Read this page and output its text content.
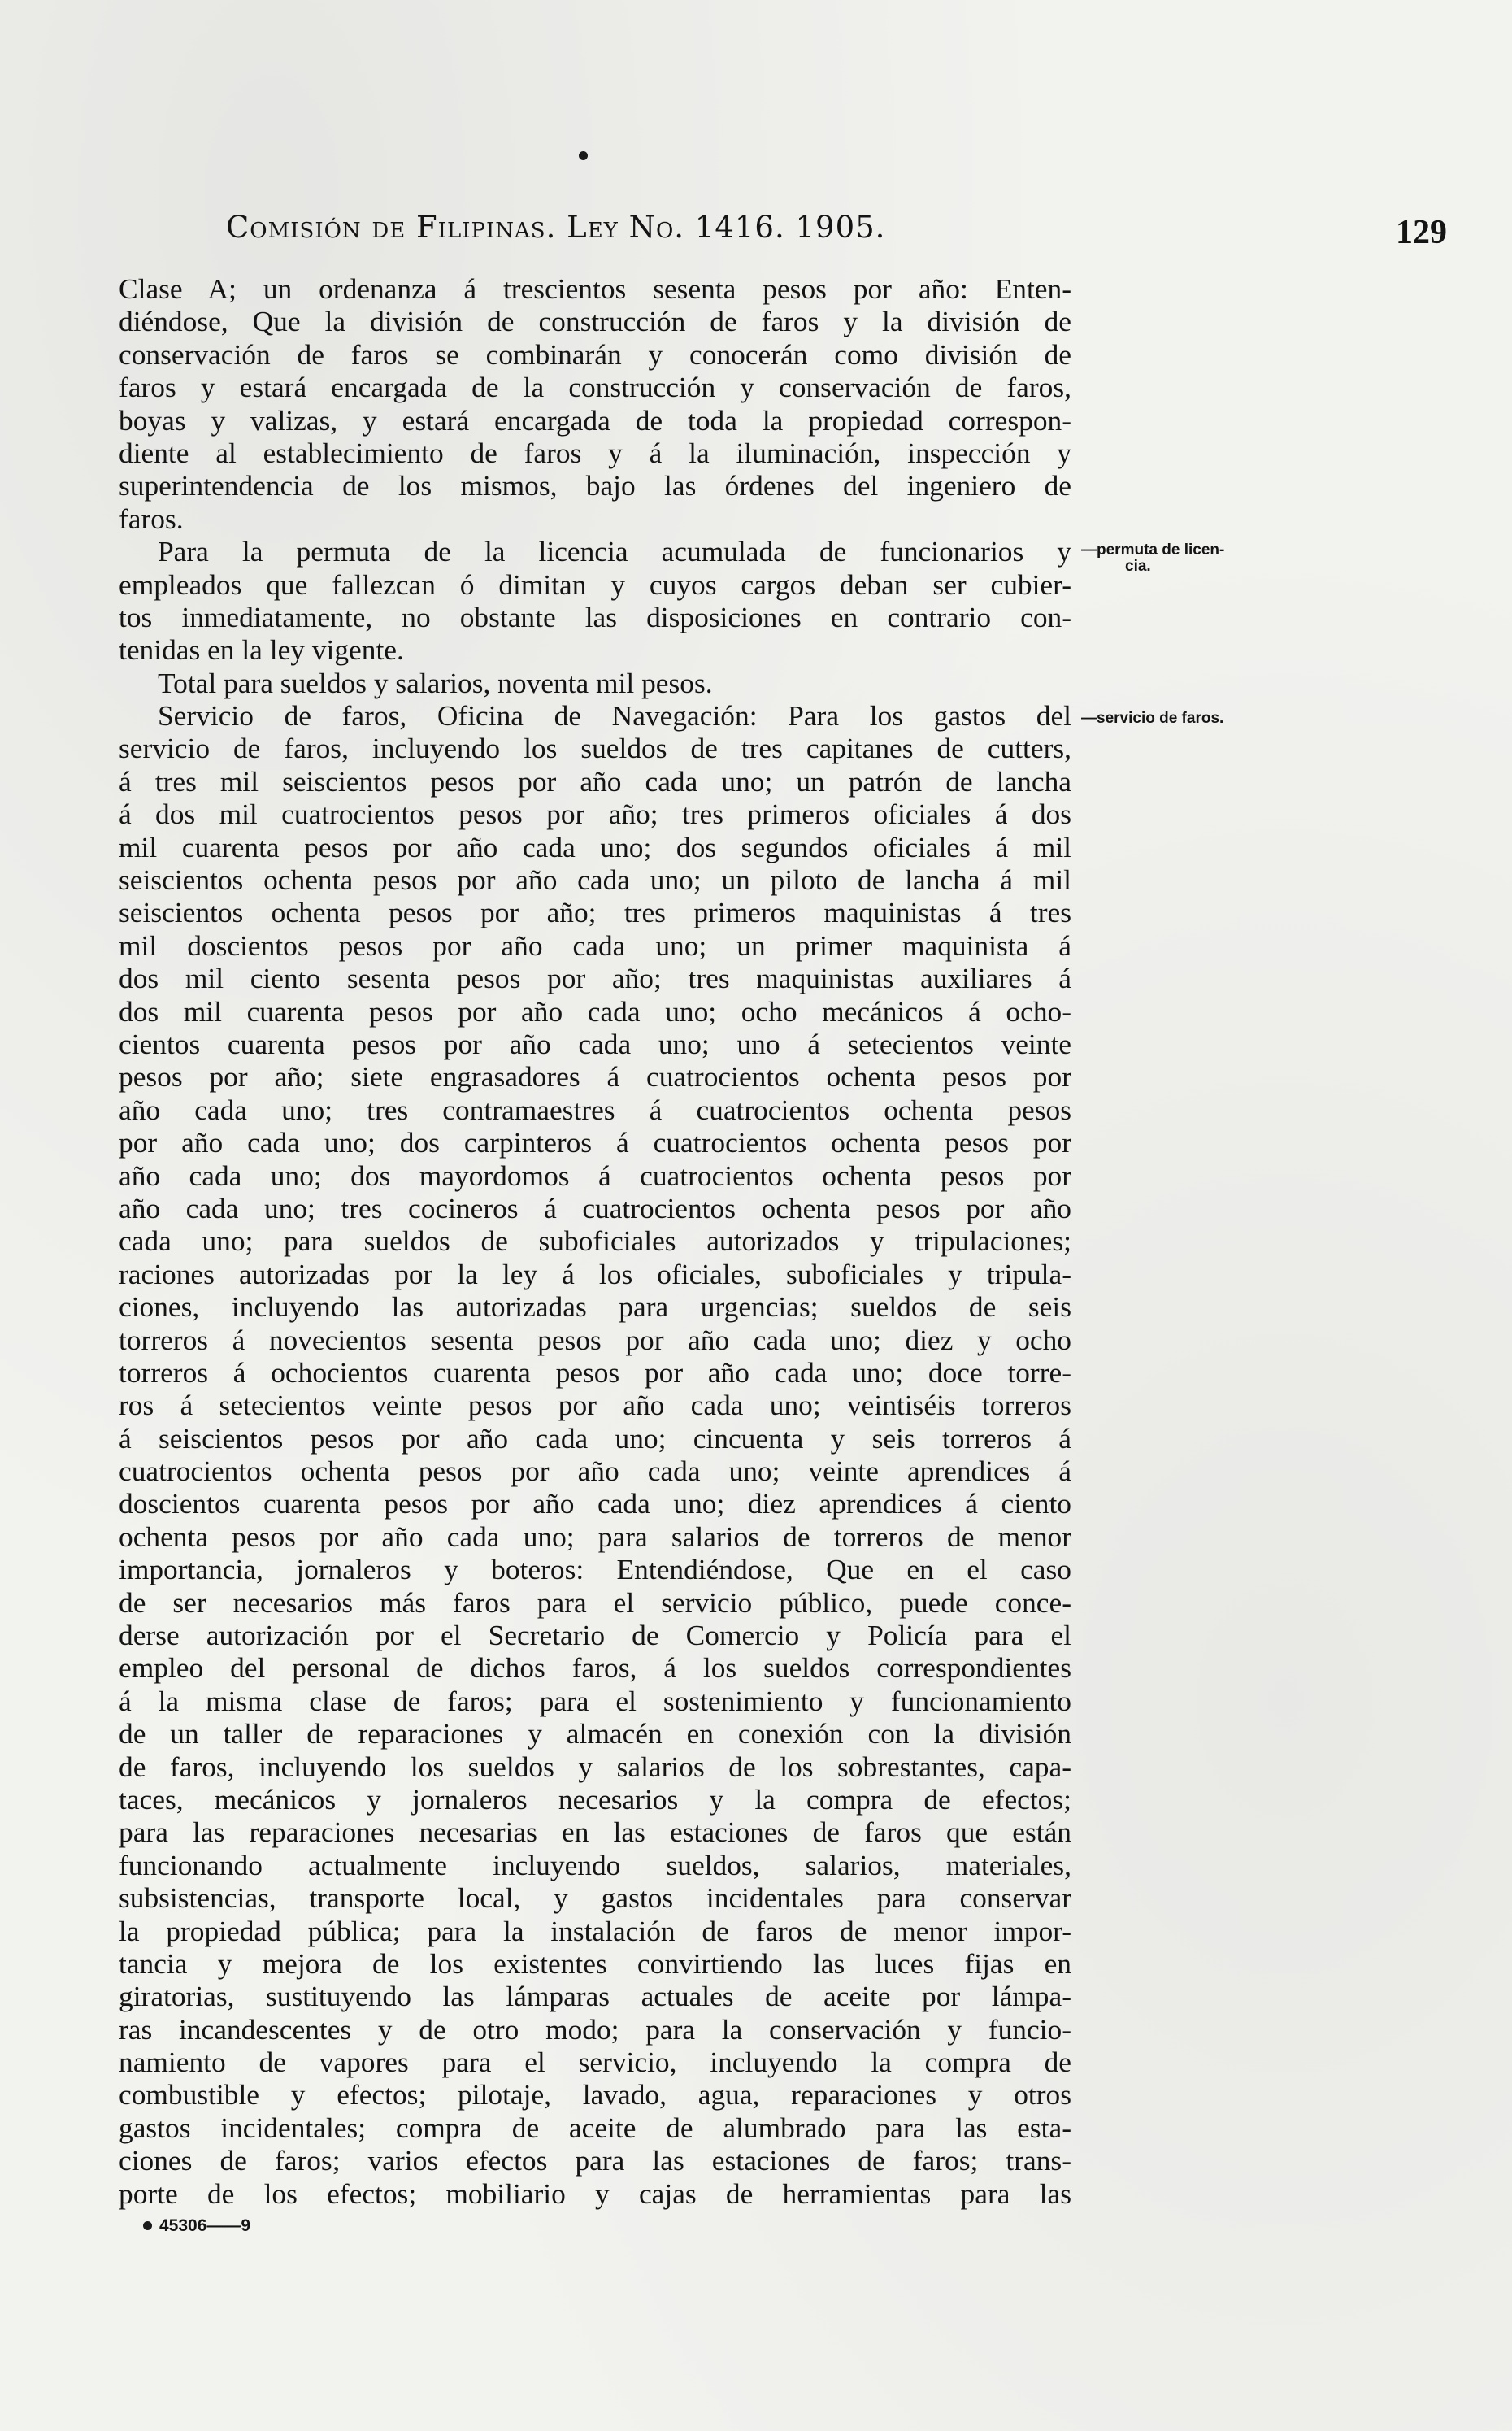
Comisión de Filipinas. Ley No. 1416. 1905.	129
Clase A; un ordenanza á trescientos sesenta pesos por año: Enten-
diéndose, Que la división de construcción de faros y la división de
conservación de faros se combinarán y conocerán como división de
faros y estará encargada de la construcción y conservación de faros,
boyas y valizas, y estará encargada de toda la propiedad correspon-
diente al establecimiento de faros y á la iluminación, inspección y
superintendencia de los mismos, bajo las órdenes del ingeniero de
faros.
Para la permuta de la licencia acumulada de funcionarios y
empleados que fallezcan ó dimitan y cuyos cargos deban ser cubier-
tos inmediatamente, no obstante las disposiciones en contrario con-
tenidas en la ley vigente.
Total para sueldos y salarios, noventa mil pesos.
Servicio de faros, Oficina de Navegación: Para los gastos del
servicio de faros, incluyendo los sueldos de tres capitanes de cutters,
á tres mil seiscientos pesos por año cada uno; un patrón de lancha
á dos mil cuatrocientos pesos por año; tres primeros oficiales á dos
mil cuarenta pesos por año cada uno; dos segundos oficiales á mil
seiscientos ochenta pesos por año cada uno; un piloto de lancha á mil
seiscientos ochenta pesos por año; tres primeros maquinistas á tres
mil doscientos pesos por año cada uno; un primer maquinista á
dos mil ciento sesenta pesos por año; tres maquinistas auxiliares á
dos mil cuarenta pesos por año cada uno; ocho mecánicos á ocho-
cientos cuarenta pesos por año cada uno; uno á setecientos veinte
pesos por año; siete engrasadores á cuatrocientos ochenta pesos por
año cada uno; tres contramaestres á cuatrocientos ochenta pesos
por año cada uno; dos carpinteros á cuatrocientos ochenta pesos por
año cada uno; dos mayordomos á cuatrocientos ochenta pesos por
año cada uno; tres cocineros á cuatrocientos ochenta pesos por año
cada uno; para sueldos de suboficiales autorizados y tripulaciones;
raciones autorizadas por la ley á los oficiales, suboficiales y tripula-
ciones, incluyendo las autorizadas para urgencias; sueldos de seis
torreros á novecientos sesenta pesos por año cada uno; diez y ocho
torreros á ochocientos cuarenta pesos por año cada uno; doce torre-
ros á setecientos veinte pesos por año cada uno; veintiséis torreros
á seiscientos pesos por año cada uno; cincuenta y seis torreros á
cuatrocientos ochenta pesos por año cada uno; veinte aprendices á
doscientos cuarenta pesos por año cada uno; diez aprendices á ciento
ochenta pesos por año cada uno; para salarios de torreros de menor
importancia, jornaleros y boteros: Entendiéndose, Que en el caso
de ser necesarios más faros para el servicio público, puede conce-
derse autorización por el Secretario de Comercio y Policía para el
empleo del personal de dichos faros, á los sueldos correspondientes
á la misma clase de faros; para el sostenimiento y funcionamiento
de un taller de reparaciones y almacén en conexión con la división
de faros, incluyendo los sueldos y salarios de los sobrestantes, capa-
taces, mecánicos y jornaleros necesarios y la compra de efectos;
para las reparaciones necesarias en las estaciones de faros que están
funcionando actualmente incluyendo sueldos, salarios, materiales,
subsistencias, transporte local, y gastos incidentales para conservar
la propiedad pública; para la instalación de faros de menor impor-
tancia y mejora de los existentes convirtiendo las luces fijas en
giratorias, sustituyendo las lámparas actuales de aceite por lámpa-
ras incandescentes y de otro modo; para la conservación y funcio-
namiento de vapores para el servicio, incluyendo la compra de
combustible y efectos; pilotaje, lavado, agua, reparaciones y otros
gastos incidentales; compra de aceite de alumbrado para las esta-
ciones de faros; varios efectos para las estaciones de faros; trans-
porte de los efectos; mobiliario y cajas de herramientas para las
—permuta de licen-
cia.
—servicio de faros.
45306——9
